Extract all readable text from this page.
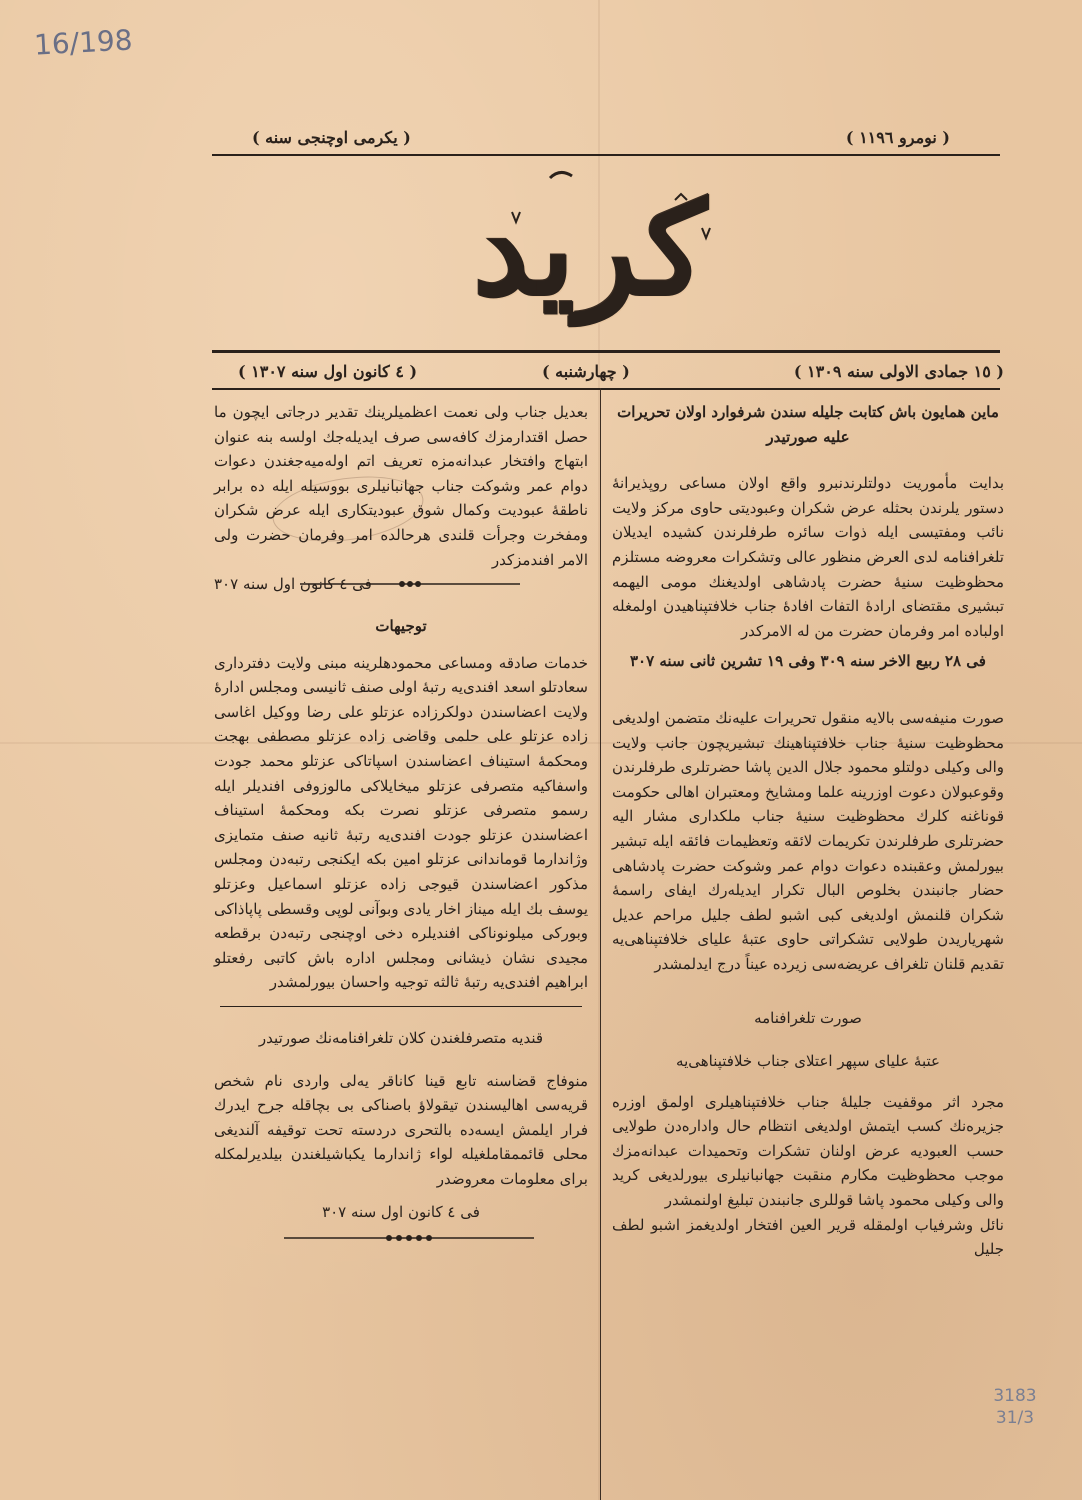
16/198
3183
31/3
( نومرو ١١٩٦ )
( یکرمی اوچنجی سنه )
کرید
( ١٥ جمادی الاولی سنه ١٣٠٩ )
( چهارشنبه )
( ٤ کانون اول سنه ١٣٠٧ )

ماین همایون باش کتابت جلیله سندن شرفوارد اولان تحریرات علیه صورتیدر

بدایت مأموریت دولتلرندنبرو واقع اولان مساعی روپذیرانهٔ دستور یلرندن بحثله عرض شکران وعبودیتی حاوی مرکز ولایت نائب ومفتیسی ایله ذوات سائره طرفلرندن کشیده ایدیلان تلغرافنامه لدی العرض منظور عالی وتشکرات معروضه مستلزم محظوظیت سنیهٔ حضرت پادشاهی اولدیغنك مومی الیهمه تبشیری مقتضای ارادهٔ التفات افادهٔ جناب خلافتپناهیدن اولمغله اولباده امر وفرمان حضرت من له الامرکدر

فی ٢٨ ربیع الاخر سنه ٣٠٩ وفی ١٩ تشرین ثانی سنه ٣٠٧

صورت منیفه‌سی بالایه منقول تحریرات علیه‌نك متضمن اولدیغی محظوظیت سنیهٔ جناب خلافتپناهینك تبشیریچون جانب ولایت والی وکیلی دولتلو محمود جلال الدین پاشا حضرتلری طرفلرندن وقوعبولان دعوت اوزرینه علما ومشایخ ومعتبران اهالی حکومت قوناغنه کلرك محظوظیت سنیهٔ جناب ملکداری مشار الیه حضرتلری طرفلرندن تکریمات لائقه وتعظیمات فائقه ایله تبشیر بیورلمش وعقبنده دعوات دوام عمر وشوکت حضرت پادشاهی حضار جانبندن بخلوص البال تکرار ایدیله‌رك ایفای راسمهٔ شکران قلنمش اولدیغی کبی اشبو لطف جلیل مراحم عدیل شهریاریدن طولایی تشکراتی حاوی عتبهٔ علیای خلافتپناهی‌یه تقدیم قلنان تلغراف عریضه‌سی زیرده عیناً درج ایدلمشدر

صورت تلغرافنامه

عتبهٔ علیای سپهر اعتلای جناب خلافتپناهی‌یه

مجرد اثر موقفیت جلیلهٔ جناب خلافتپناهیلری اولمق اوزره جزیره‌نك کسب ایتمش اولدیغی انتظام حال واداره‌دن طولایی حسب العبودیه عرض اولنان تشکرات وتحمیدات عبدانه‌مزك موجب محظوظیت مکارم منقبت جهانبانیلری بیورلدیغی کرید والی وکیلی محمود پاشا قوللری جانبندن تبلیغ اولنمشدر

نائل وشرفیاب اولمقله قریر العین افتخار اولدیغمز اشبو لطف جلیل

بعدیل جناب ولی نعمت اعظمیلرینك تقدیر درجاتی ایچون ما حصل اقتدارمزك کافه‌سی صرف ایدیله‌جك اولسه بنه عنوان ابتهاج وافتخار عبدانه‌مزه تعریف اتم اوله‌میه‌جغندن دعوات دوام عمر وشوکت جناب جهانبانیلری بووسیله ایله ده برابر ناطقهٔ عبودیت وکمال شوق عبودیتکاری ایله عرض شکران ومفخرت وجرأت قلندی هرحالده امر وفرمان حضرت ولی الامر افندمزکدر

فی ٤ کانون اول سنه ٣٠٧

توجیهات

خدمات صادقه ومساعی محمودهلرینه مبنی ولایت دفترداری سعادتلو اسعد افندی‌یه رتبهٔ اولی صنف ثانیسی ومجلس ادارهٔ ولایت اعضاسندن دولکرزاده عزتلو علی رضا ووکیل اغاسی زاده عزتلو علی حلمی وقاضی زاده عزتلو مصطفی بهجت ومحکمهٔ استیناف اعضاسندن اسپاتاکی عزتلو محمد جودت واسفاکیه متصرفی عزتلو میخایلاکی مالوزوفی افندیلر ایله رسمو متصرفی عزتلو نصرت بکه ومحکمهٔ استیناف اعضاسندن عزتلو جودت افندی‌یه رتبهٔ ثانیه صنف متمایزی وژاندارما قوماندانی عزتلو امین بکه ایکنجی رتبه‌دن ومجلس مذکور اعضاسندن قیوجی زاده عزتلو اسماعیل وعزتلو یوسف بك ایله میناز اخار یادی وبوآنی لوپی وقسطی پاپاذاکی وبورکی میلونوناکی افندیلره دخی اوچنجی رتبه‌دن برقطعه مجیدی نشان ذیشانی ومجلس اداره باش کاتبی رفعتلو ابراهیم افندی‌یه رتبهٔ ثالثه توجیه واحسان بیورلمشدر

قندیه متصرفلغندن کلان تلغرافنامه‌نك صورتیدر

منوفاج قضاسنه تابع قینا کاناقر یه‌لی واردی نام شخص قریه‌سی اهالیسندن تیقولاؤ باصناکی بی بچاقله جرح ایدرك فرار ایلمش ایسه‌ده بالتحری دردسته تحت توقیفه آلندیغی محلی قائممقاملغیله لواء ژاندارما یکباشیلغندن بیلدیرلمکله برای معلومات معروضدر

فی ٤ کانون اول سنه ٣٠٧
